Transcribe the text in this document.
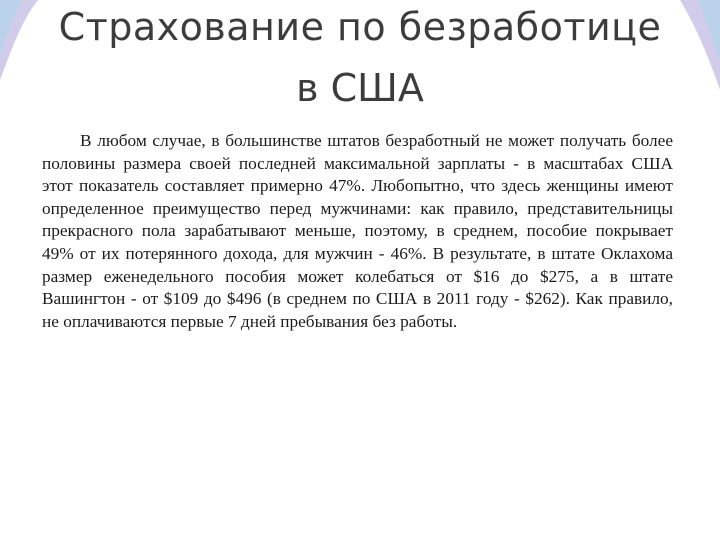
Страхование по безработице
в США

В любом случае, в большинстве штатов безработный не может получать более половины размера своей последней максимальной зарплаты - в масштабах США этот показатель составляет примерно 47%. Любопытно, что здесь женщины имеют определенное преимущество перед мужчинами: как правило, представительницы прекрасного пола зарабатывают меньше, поэтому, в среднем, пособие покрывает 49% от их потерянного дохода, для мужчин - 46%. В результате, в штате Оклахома размер еженедельного пособия может колебаться от $16 до $275, а в штате Вашингтон - от $109 до $496 (в среднем по США в 2011 году - $262). Как правило, не оплачиваются первые 7 дней пребывания без работы.
